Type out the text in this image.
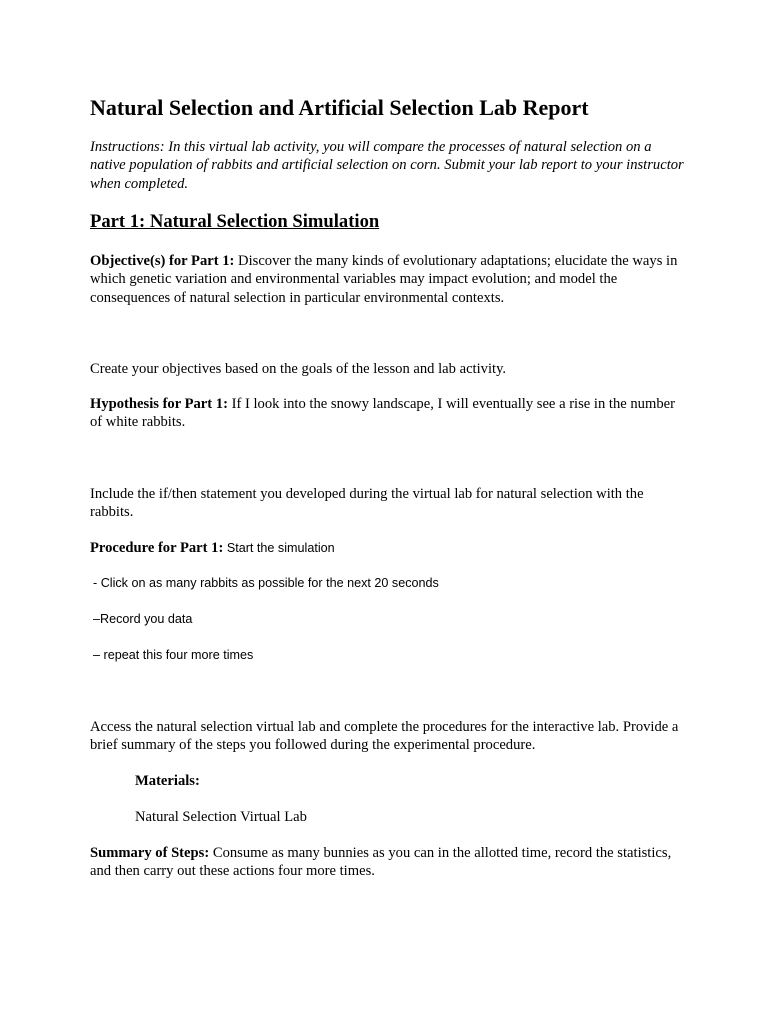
Natural Selection and Artificial Selection Lab Report

Instructions: In this virtual lab activity, you will compare the processes of natural selection on a native population of rabbits and artificial selection on corn. Submit your lab report to your instructor when completed.

Part 1: Natural Selection Simulation

Objective(s) for Part 1: Discover the many kinds of evolutionary adaptations; elucidate the ways in which genetic variation and environmental variables may impact evolution; and model the consequences of natural selection in particular environmental contexts.

Create your objectives based on the goals of the lesson and lab activity.

Hypothesis for Part 1: If I look into the snowy landscape, I will eventually see a rise in the number of white rabbits.

Include the if/then statement you developed during the virtual lab for natural selection with the rabbits.

Procedure for Part 1: Start the simulation

- Click on as many rabbits as possible for the next 20 seconds

–Record you data

– repeat this four more times

Access the natural selection virtual lab and complete the procedures for the interactive lab. Provide a brief summary of the steps you followed during the experimental procedure.

Materials:

Natural Selection Virtual Lab

Summary of Steps: Consume as many bunnies as you can in the allotted time, record the statistics, and then carry out these actions four more times.
